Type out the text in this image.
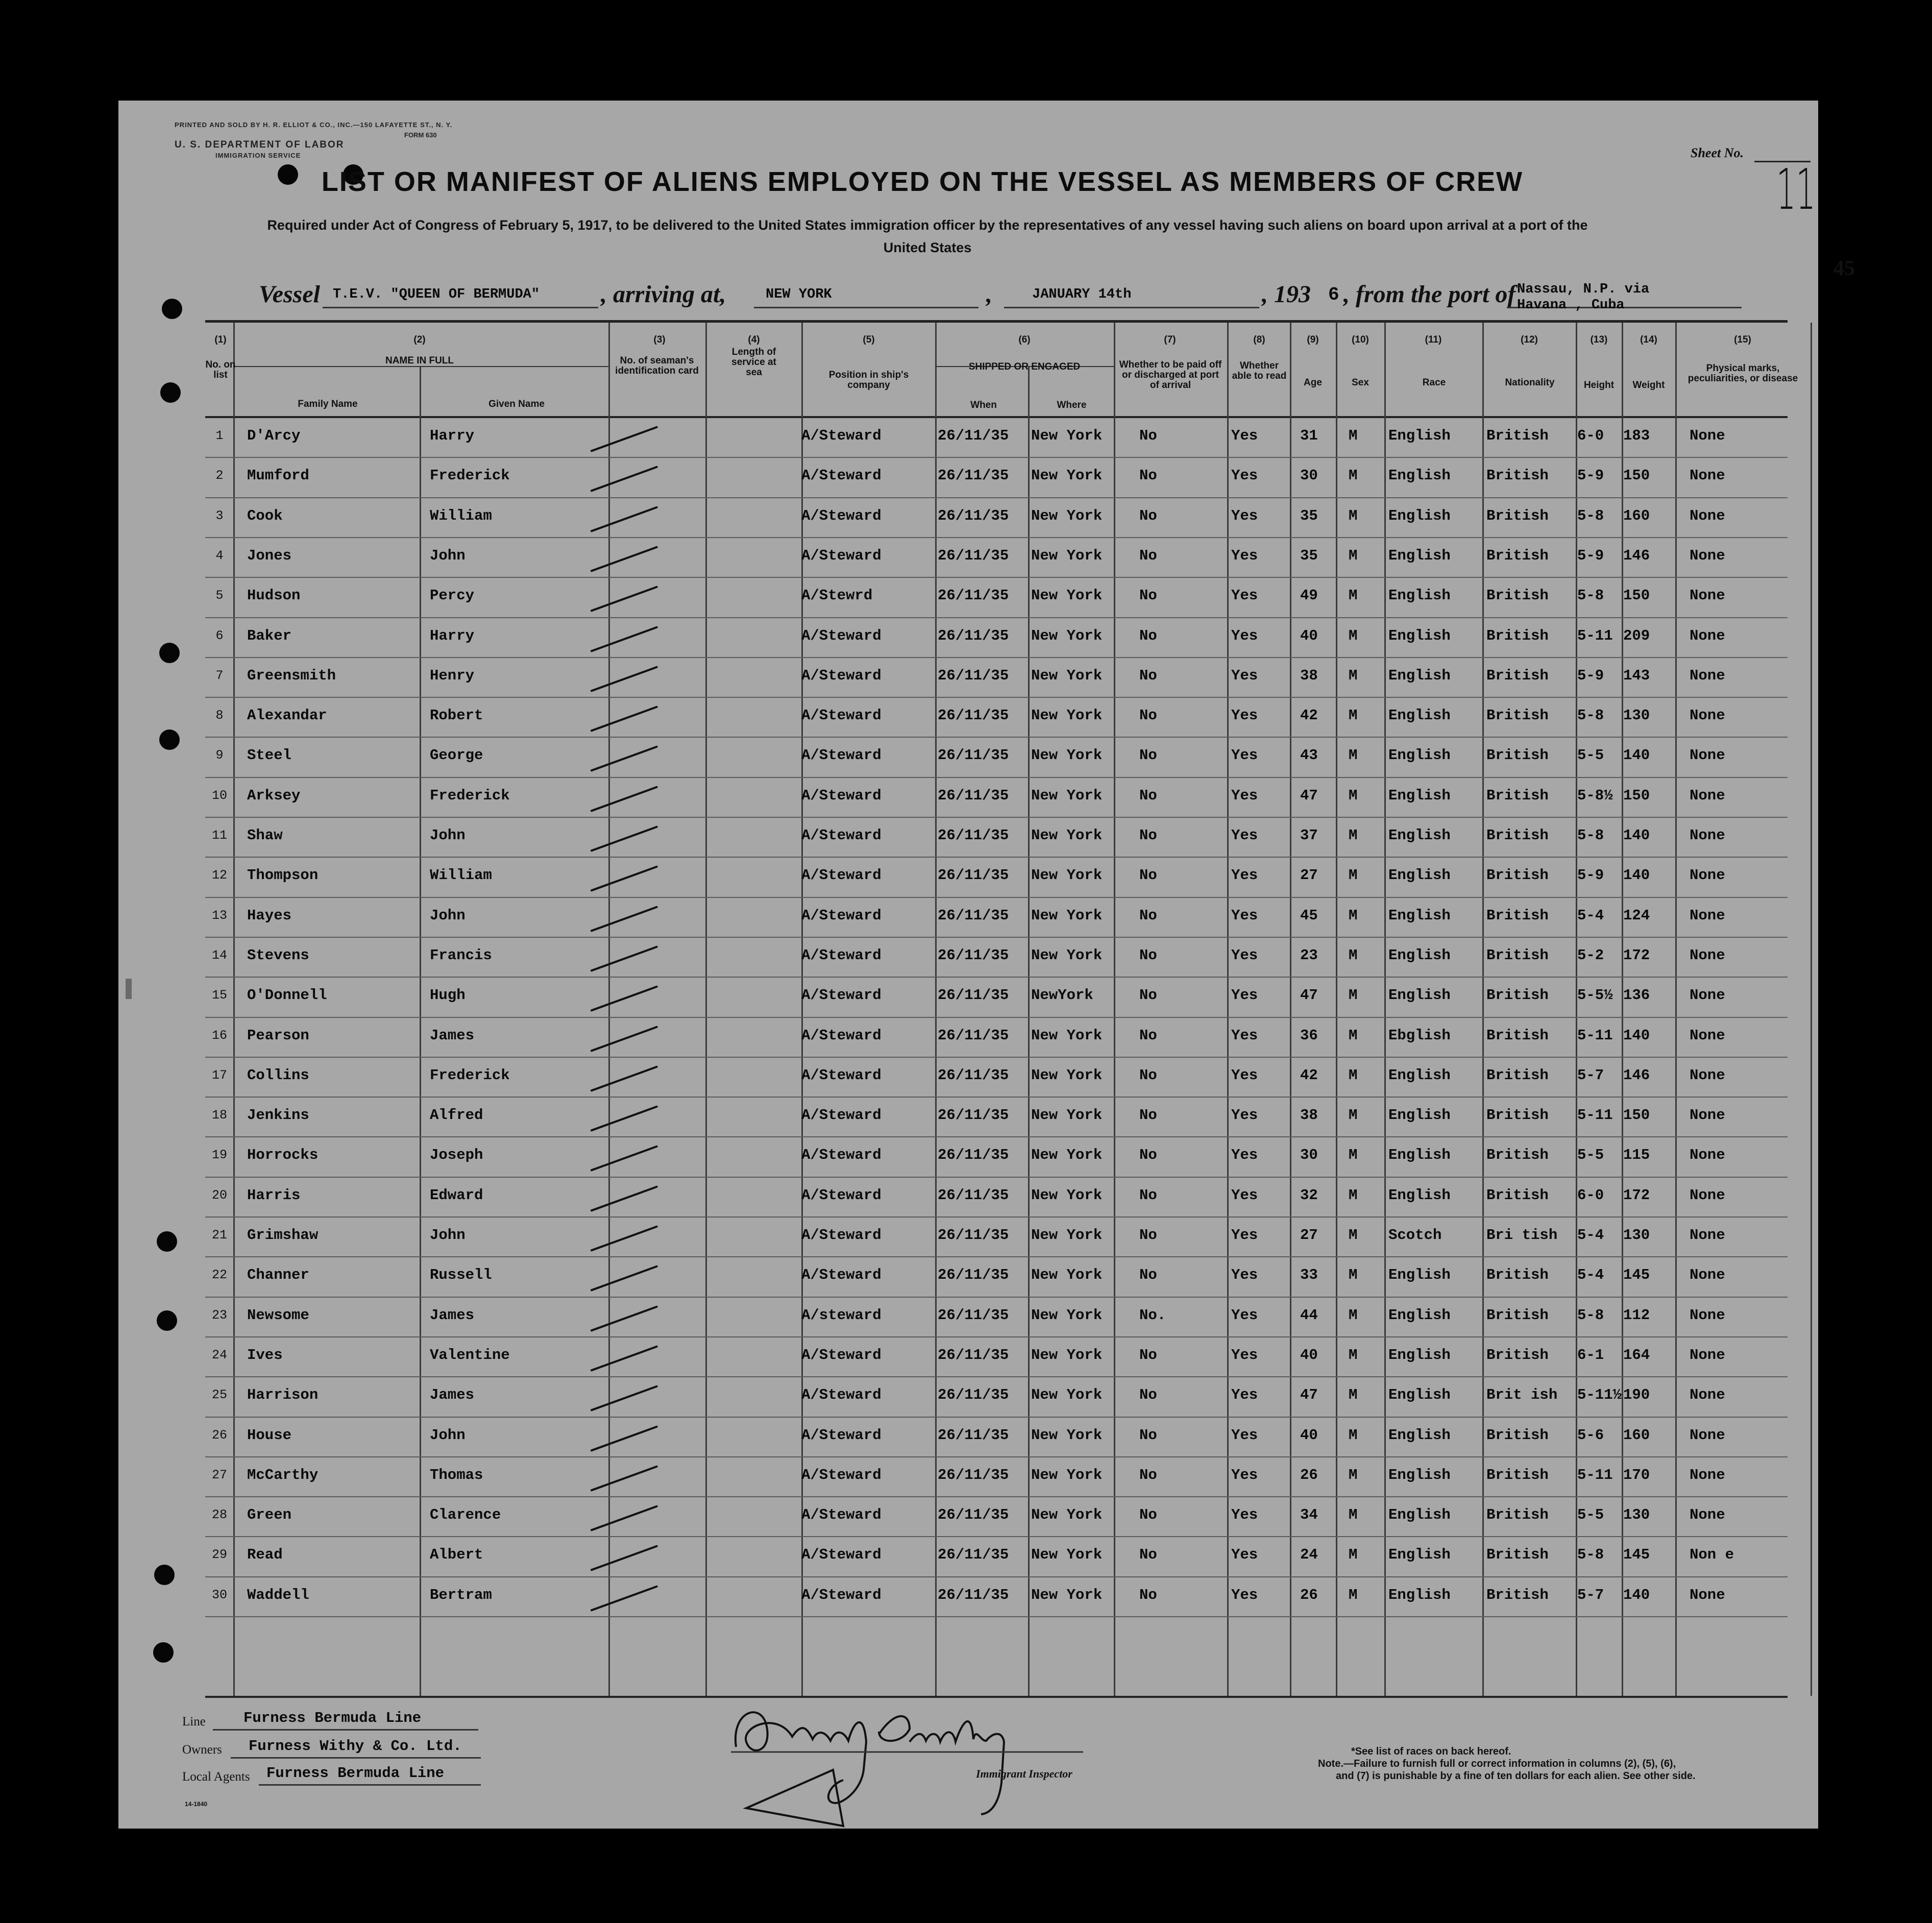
PRINTED AND SOLD BY H. R. ELLIOT & CO., INC.—150 LAFAYETTE ST., N. Y.
FORM 630
U. S. DEPARTMENT OF LABOR
IMMIGRATION SERVICE
LIST OR MANIFEST OF ALIENS EMPLOYED ON THE VESSEL AS MEMBERS OF CREW
Required under Act of Congress of February 5, 1917, to be delivered to the United States immigration officer by the representatives of any vessel having such aliens on board upon arrival at a port of the United States
Sheet No.
11
45
Vessel T.E.V. "QUEEN OF BERMUDA" , arriving at,	NEW YORK	,	JANUARY 14th	, 193 6 , from the port of Nassau, N.P. via
Havana , Cuba
(1)
No. on list
(2)
NAME IN FULL
Family Name	Given Name
(3)
No. of seaman's identification card
(4)
Length of service at sea
(5)
Position in ship's company
(6)
SHIPPED OR ENGAGED
When	Where
(7)
Whether to be paid off or discharged at port of arrival
(8)
Whether able to read
(9)
Age
(10)
Sex
(11)
Race
(12)
Nationality
(13)
Height
(14)
Weight
(15)
Physical marks, peculiarities, or disease
1	D'Arcy	Harry	A/Steward	26/11/35 New York	No	Yes	31 M English British 6-0 183	None
2	Mumford	Frederick	A/Steward	26/11/35 New York	No	Yes	30 M English British 5-9 150	None
3	Cook	William	A/Steward	26/11/35 New York	No	Yes	35 M English British 5-8 160	None
4	Jones	John	A/Steward	26/11/35 New York	No	Yes	35 M English British 5-9 146	None
5	Hudson	Percy	A/Stewrd	26/11/35 New York	No	Yes	49 M English British 5-8 150	None
6	Baker	Harry	A/Steward	26/11/35 New York	No	Yes	40 M English British 5-11 209	None
7	Greensmith	Henry	A/Steward	26/11/35 New York	No	Yes	38 M English British 5-9 143	None
8	Alexandar	Robert	A/Steward	26/11/35 New York	No	Yes	42 M English British 5-8 130	None
9	Steel	George	A/Steward	26/11/35 New York	No	Yes	43 M English British 5-5 140	None
10	Arksey	Frederick	A/Steward	26/11/35 New York	No	Yes	47 M English British 5-8½ 150	None
11	Shaw	John	A/Steward	26/11/35 New York	No	Yes	37 M English British 5-8 140	None
12	Thompson	William	A/Steward	26/11/35 New York	No	Yes	27 M English British 5-9 140	None
13	Hayes	John	A/Steward	26/11/35 New York	No	Yes	45 M English British 5-4 124	None
14	Stevens	Francis	A/Steward	26/11/35 New York	No	Yes	23 M English British 5-2 172	None
15	O'Donnell	Hugh	A/Steward	26/11/35 NewYork	No	Yes	47 M English British 5-5½ 136	None
16	Pearson	James	A/Steward	26/11/35 New York	No	Yes	36 M Ebglish British 5-11 140	None
17	Collins	Frederick	A/Steward	26/11/35 New York	No	Yes	42 M English British 5-7 146	None
18	Jenkins	Alfred	A/Steward	26/11/35 New York	No	Yes	38 M English British 5-11 150	None
19	Horrocks	Joseph	A/Steward	26/11/35 New York	No	Yes	30 M English British 5-5 115	None
20	Harris	Edward	A/Steward	26/11/35 New York	No	Yes	32 M English British 6-0 172	None
21	Grimshaw	John	A/Steward	26/11/35 New York	No	Yes	27 M Scotch	Bri tish 5-4 130	None
22	Channer	Russell	A/Steward	26/11/35 New York	No	Yes	33 M English British 5-4 145	None
23	Newsome	James	A/steward	26/11/35 New York	No.	Yes	44 M English British 5-8 112	None
24	Ives	Valentine	A/Steward	26/11/35 New York	No	Yes	40 M English British 6-1 164	None
25	Harrison	James	A/Steward	26/11/35 New York	No	Yes	47 M English Brit ish 5-11½ 190	None
26	House	John	A/Steward	26/11/35 New York	No	Yes	40 M English British 5-6 160	None
27	McCarthy	Thomas	A/Steward	26/11/35 New York	No	Yes	26 M English British 5-11 170	None
28	Green	Clarence	A/Steward	26/11/35 New York	No	Yes	34 M English British 5-5 130	None
29	Read	Albert	A/Steward	26/11/35 New York	No	Yes	24 M English British 5-8 145	Non e
30	Waddell	Bertram	A/Steward	26/11/35 New York	No	Yes	26 M English British 5-7 140	None
Line	Furness Bermuda Line
Owners Furness Withy & Co. Ltd.
Local Agents Furness Bermuda Line
14-1840
Immigrant Inspector
*See list of races on back hereof.
Note.—Failure to furnish full or correct information in columns (2), (5), (6),
and (7) is punishable by a fine of ten dollars for each alien. See other side.
